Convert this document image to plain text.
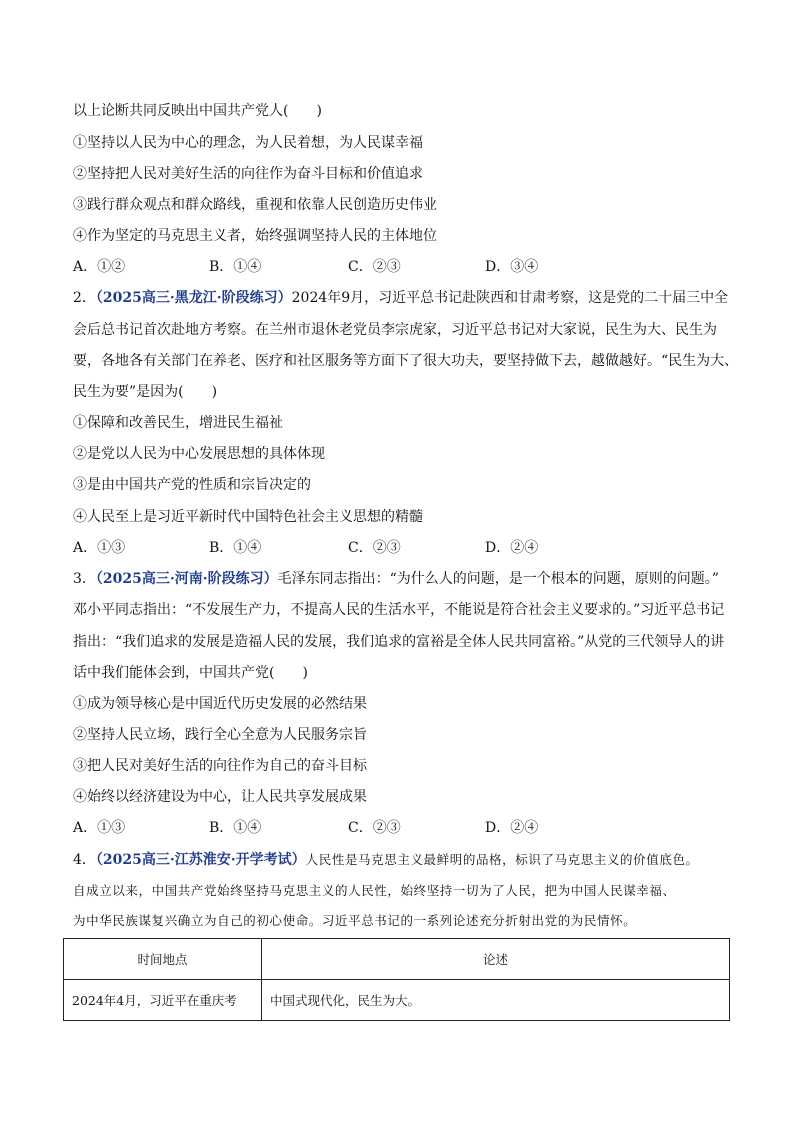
以上论断共同反映出中国共产党人(　　)
①坚持以人民为中心的理念，为人民着想，为人民谋幸福
②坚持把人民对美好生活的向往作为奋斗目标和价值追求
③践行群众观点和群众路线，重视和依靠人民创造历史伟业
④作为坚定的马克思主义者，始终强调坚持人民的主体地位
A．①②	B．①④	C．②③	D．③④
2．（2025高三·黑龙江·阶段练习）2024年9月，习近平总书记赴陕西和甘肃考察，这是党的二十届三中全
会后总书记首次赴地方考察。在兰州市退休老党员李宗虎家，习近平总书记对大家说，民生为大、民生为
要，各地各有关部门在养老、医疗和社区服务等方面下了很大功夫，要坚持做下去，越做越好。“民生为大、
民生为要”是因为(　　)
①保障和改善民生，增进民生福祉
②是党以人民为中心发展思想的具体体现
③是由中国共产党的性质和宗旨决定的
④人民至上是习近平新时代中国特色社会主义思想的精髓
A．①③	B．①④	C．②③	D．②④
3．（2025高三·河南·阶段练习）毛泽东同志指出：“为什么人的问题，是一个根本的问题，原则的问题。”
邓小平同志指出：“不发展生产力，不提高人民的生活水平，不能说是符合社会主义要求的。”习近平总书记
指出：“我们追求的发展是造福人民的发展，我们追求的富裕是全体人民共同富裕。”从党的三代领导人的讲
话中我们能体会到，中国共产党(　　)
①成为领导核心是中国近代历史发展的必然结果
②坚持人民立场，践行全心全意为人民服务宗旨
③把人民对美好生活的向往作为自己的奋斗目标
④始终以经济建设为中心，让人民共享发展成果
A．①③	B．①④	C．②③	D．②④
4．（2025高三·江苏淮安·开学考试）人民性是马克思主义最鲜明的品格，标识了马克思主义的价值底色。
自成立以来，中国共产党始终坚持马克思主义的人民性，始终坚持一切为了人民，把为中国人民谋幸福、
为中华民族谋复兴确立为自己的初心使命。习近平总书记的一系列论述充分折射出党的为民情怀。
时间地点	论述
2024年4月，习近平在重庆考	中国式现代化，民生为大。
